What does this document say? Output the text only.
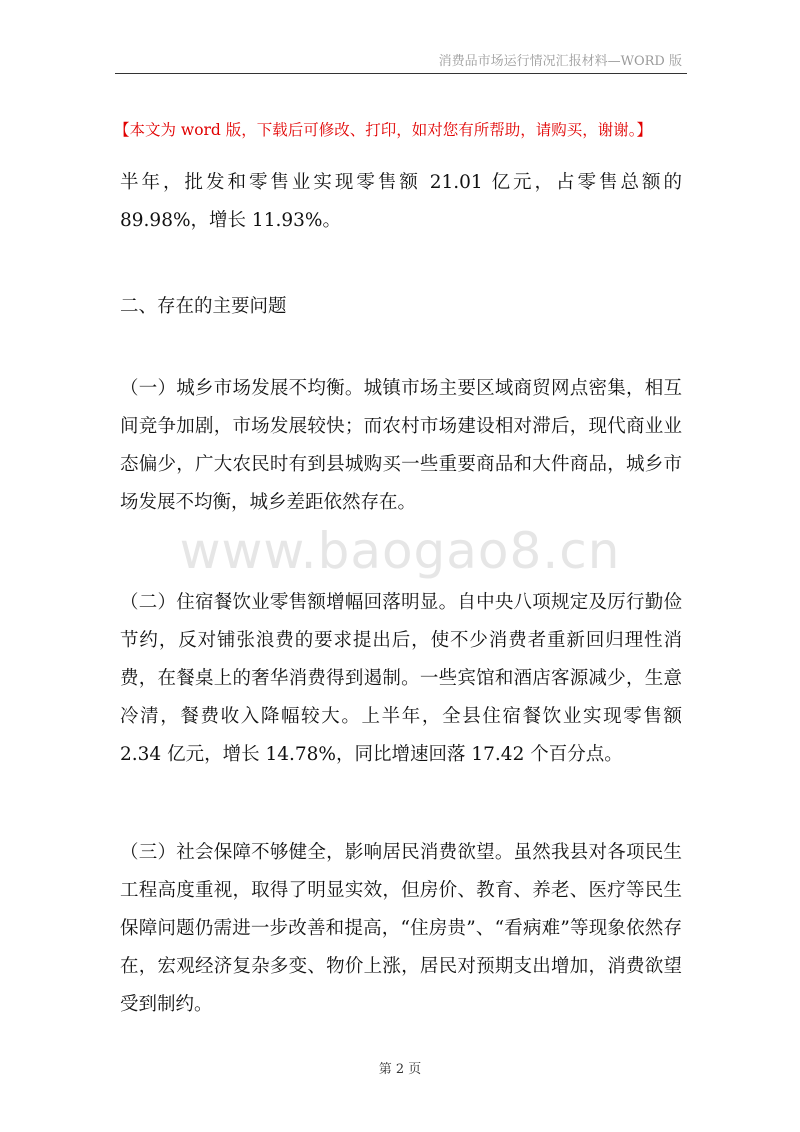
消费品市场运行情况汇报材料—WORD 版
【本文为 word 版，下载后可修改、打印，如对您有所帮助，请购买，谢谢。】

半年，批发和零售业实现零售额 21.01 亿元，占零售总额的 89.98%，增长 11.93%。

二、存在的主要问题

（一）城乡市场发展不均衡。城镇市场主要区域商贸网点密集，相互间竞争加剧，市场发展较快；而农村市场建设相对滞后，现代商业业态偏少，广大农民时有到县城购买一些重要商品和大件商品，城乡市场发展不均衡，城乡差距依然存在。

www.baogao8.cn

（二）住宿餐饮业零售额增幅回落明显。自中央八项规定及厉行勤俭节约，反对铺张浪费的要求提出后，使不少消费者重新回归理性消费，在餐桌上的奢华消费得到遏制。一些宾馆和酒店客源减少，生意冷清，餐费收入降幅较大。上半年，全县住宿餐饮业实现零售额 2.34 亿元，增长 14.78%，同比增速回落 17.42 个百分点。

（三）社会保障不够健全，影响居民消费欲望。虽然我县对各项民生工程高度重视，取得了明显实效，但房价、教育、养老、医疗等民生保障问题仍需进一步改善和提高，“住房贵”、“看病难”等现象依然存在，宏观经济复杂多变、物价上涨，居民对预期支出增加，消费欲望受到制约。

第 2 页
